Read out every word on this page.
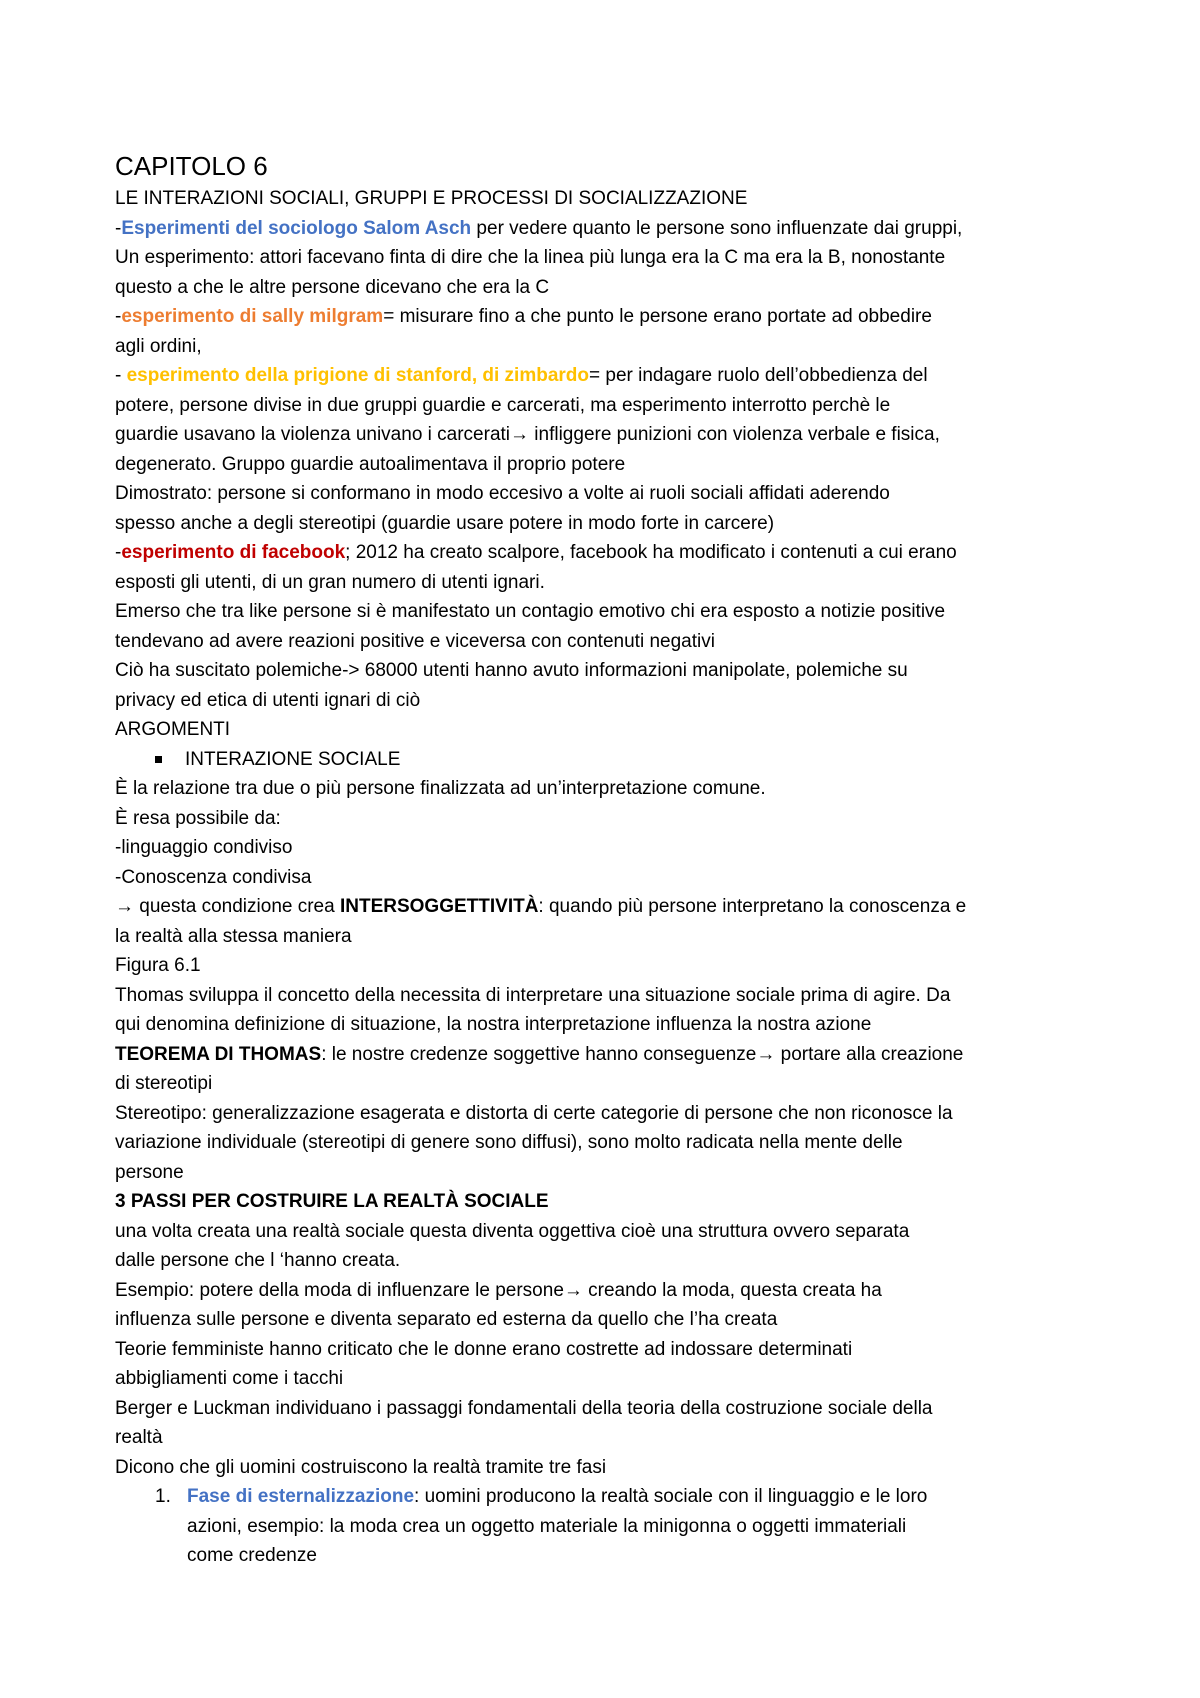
CAPITOLO 6

LE INTERAZIONI SOCIALI, GRUPPI E PROCESSI DI SOCIALIZZAZIONE

-Esperimenti del sociologo Salom Asch per vedere quanto le persone sono influenzate dai gruppi,

Un esperimento: attori facevano finta di dire che la linea più lunga era la C ma era la B, nonostante

questo a che le altre persone dicevano che era la C

-esperimento di sally milgram= misurare fino a che punto le persone erano portate ad obbedire

agli ordini,

- esperimento della prigione di stanford, di zimbardo= per indagare ruolo dell’obbedienza del

potere, persone divise in due gruppi guardie e carcerati, ma esperimento interrotto perchè le

guardie usavano la violenza univano i carcerati→ infliggere punizioni con violenza verbale e fisica,

degenerato. Gruppo guardie autoalimentava il proprio potere

Dimostrato: persone si conformano in modo eccesivo a volte ai ruoli sociali affidati aderendo

spesso anche a degli stereotipi (guardie usare potere in modo forte in carcere)

-esperimento di facebook; 2012 ha creato scalpore, facebook ha modificato i contenuti a cui erano

esposti gli utenti, di un gran numero di utenti ignari.

Emerso che tra like persone si è manifestato un contagio emotivo chi era esposto a notizie positive

tendevano ad avere reazioni positive e viceversa con contenuti negativi

Ciò ha suscitato polemiche-> 68000 utenti hanno avuto informazioni manipolate, polemiche su

privacy ed etica di utenti ignari di ciò

ARGOMENTI

INTERAZIONE SOCIALE

È la relazione tra due o più persone finalizzata ad un’interpretazione comune.

È resa possibile da:

-linguaggio condiviso

-Conoscenza condivisa

→ questa condizione crea INTERSOGGETTIVITÀ: quando più persone interpretano la conoscenza e

la realtà alla stessa maniera

Figura 6.1

Thomas sviluppa il concetto della necessita di interpretare una situazione sociale prima di agire. Da

qui denomina definizione di situazione, la nostra interpretazione influenza la nostra azione

TEOREMA DI THOMAS: le nostre credenze soggettive hanno conseguenze→ portare alla creazione

di stereotipi

Stereotipo: generalizzazione esagerata e distorta di certe categorie di persone che non riconosce la

variazione individuale (stereotipi di genere sono diffusi), sono molto radicata nella mente delle

persone

3 PASSI PER COSTRUIRE LA REALTÀ SOCIALE

una volta creata una realtà sociale questa diventa oggettiva cioè una struttura ovvero separata

dalle persone che l ‘hanno creata.

Esempio: potere della moda di influenzare le persone→ creando la moda, questa creata ha

influenza sulle persone e diventa separato ed esterna da quello che l’ha creata

Teorie femministe hanno criticato che le donne erano costrette ad indossare determinati

abbigliamenti come i tacchi

Berger e Luckman individuano i passaggi fondamentali della teoria della costruzione sociale della

realtà

Dicono che gli uomini costruiscono la realtà tramite tre fasi

1. Fase di esternalizzazione: uomini producono la realtà sociale con il linguaggio e le loro

azioni, esempio: la moda crea un oggetto materiale la minigonna o oggetti immateriali

come credenze
